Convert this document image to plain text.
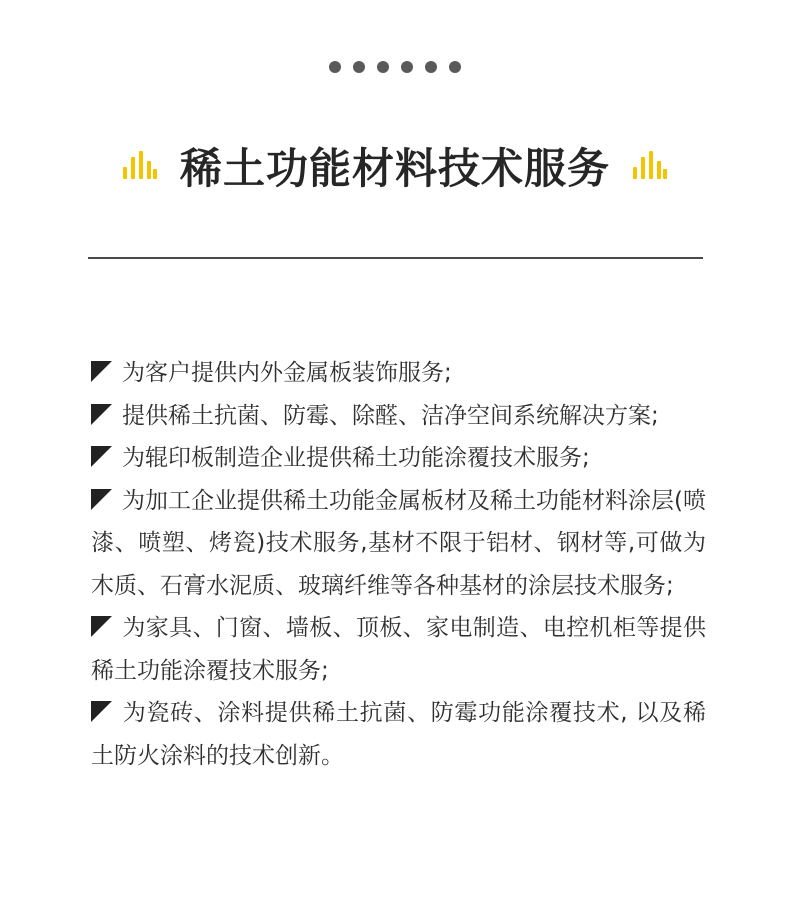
稀土功能材料技术服务

为客户提供内外金属板装饰服务;

提供稀土抗菌、防霉、除醛、洁净空间系统解决方案;

为辊印板制造企业提供稀土功能涂覆技术服务;

为加工企业提供稀土功能金属板材及稀土功能材料涂层(喷漆、喷塑、烤瓷)技术服务,基材不限于铝材、钢材等,可做为木质、石膏水泥质、玻璃纤维等各种基材的涂层技术服务;

为家具、门窗、墙板、顶板、家电制造、电控机柜等提供稀土功能涂覆技术服务;

为瓷砖、涂料提供稀土抗菌、防霉功能涂覆技术, 以及稀土防火涂料的技术创新。
